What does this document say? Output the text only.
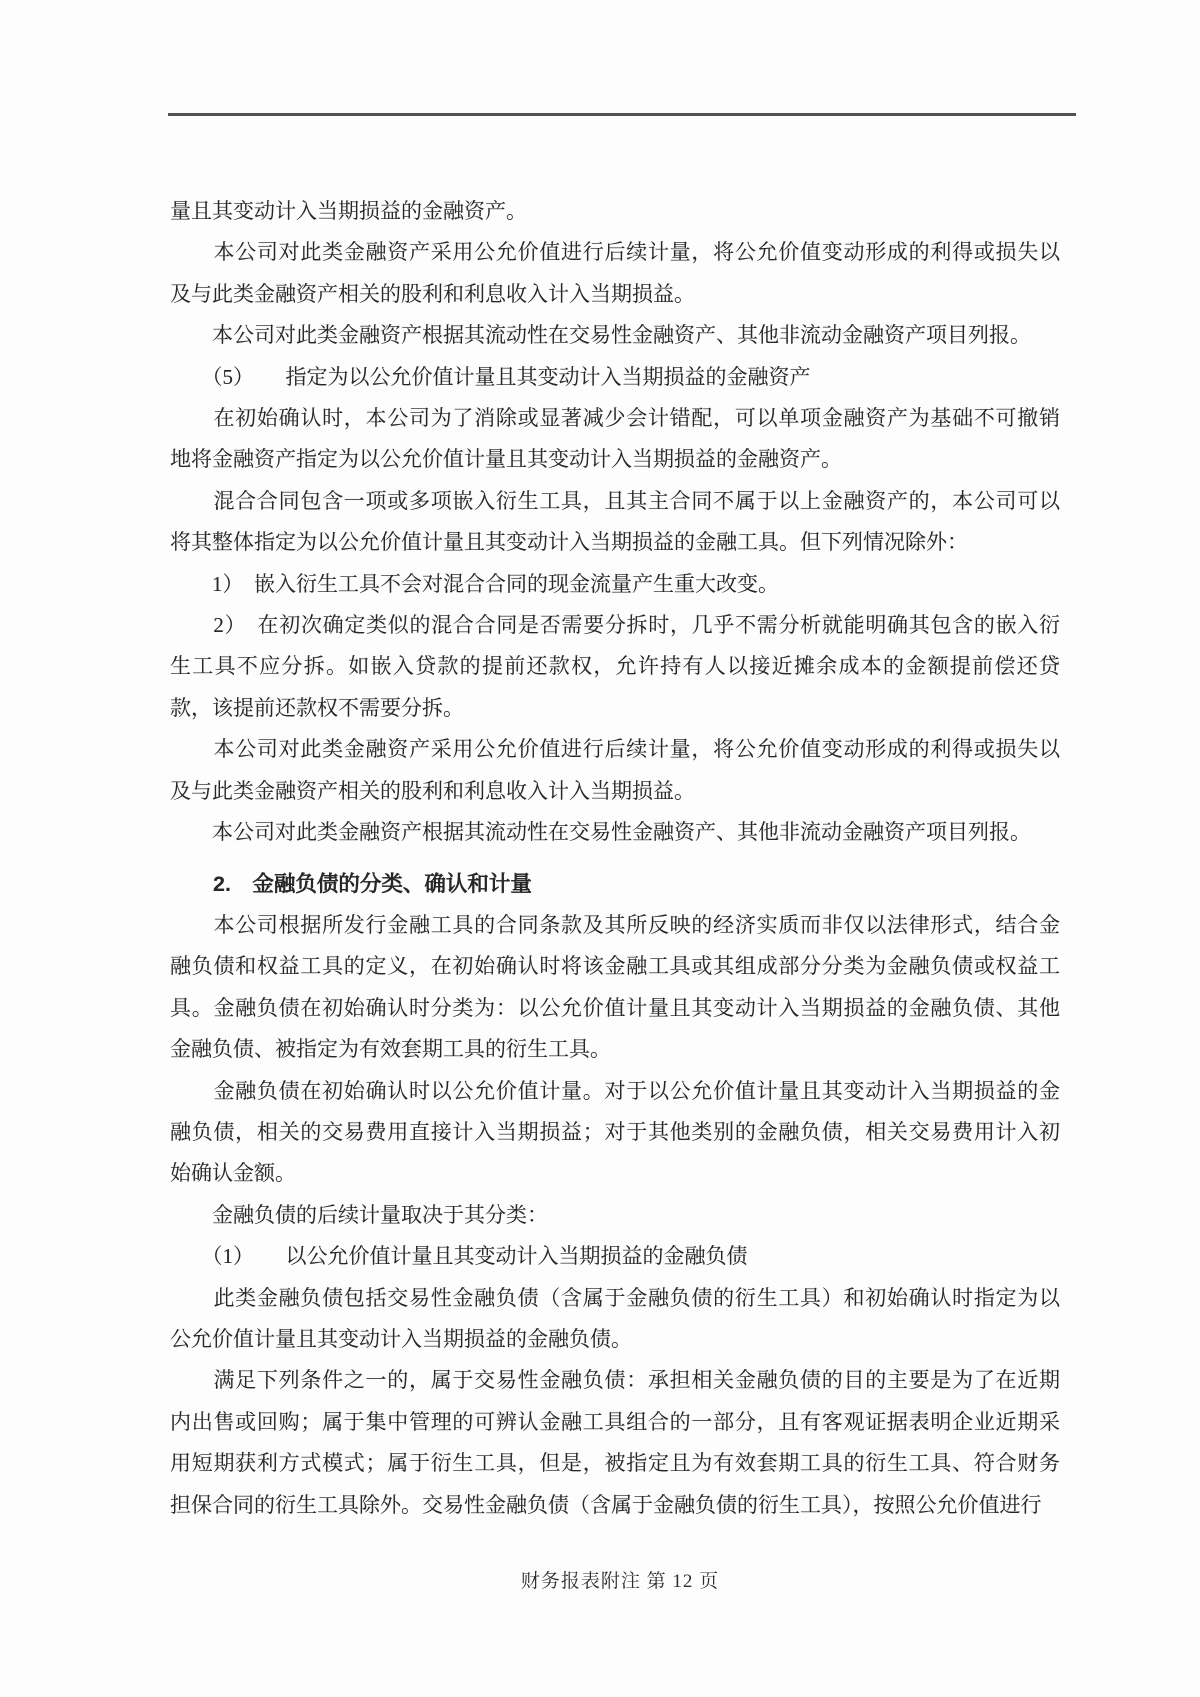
量且其变动计入当期损益的金融资产。

　　本公司对此类金融资产采用公允价值进行后续计量，将公允价值变动形成的利得或损失以
及与此类金融资产相关的股利和利息收入计入当期损益。

　　本公司对此类金融资产根据其流动性在交易性金融资产、其他非流动金融资产项目列报。

　　（5）　　指定为以公允价值计量且其变动计入当期损益的金融资产

　　在初始确认时，本公司为了消除或显著减少会计错配，可以单项金融资产为基础不可撤销
地将金融资产指定为以公允价值计量且其变动计入当期损益的金融资产。

　　混合合同包含一项或多项嵌入衍生工具，且其主合同不属于以上金融资产的，本公司可以
将其整体指定为以公允价值计量且其变动计入当期损益的金融工具。但下列情况除外：

　　1）　嵌入衍生工具不会对混合合同的现金流量产生重大改变。

　　2）　在初次确定类似的混合合同是否需要分拆时，几乎不需分析就能明确其包含的嵌入衍
生工具不应分拆。如嵌入贷款的提前还款权，允许持有人以接近摊余成本的金额提前偿还贷
款，该提前还款权不需要分拆。

　　本公司对此类金融资产采用公允价值进行后续计量，将公允价值变动形成的利得或损失以
及与此类金融资产相关的股利和利息收入计入当期损益。

　　本公司对此类金融资产根据其流动性在交易性金融资产、其他非流动金融资产项目列报。

　　2.　金融负债的分类、确认和计量

　　本公司根据所发行金融工具的合同条款及其所反映的经济实质而非仅以法律形式，结合金
融负债和权益工具的定义，在初始确认时将该金融工具或其组成部分分类为金融负债或权益工
具。金融负债在初始确认时分类为：以公允价值计量且其变动计入当期损益的金融负债、其他
金融负债、被指定为有效套期工具的衍生工具。

　　金融负债在初始确认时以公允价值计量。对于以公允价值计量且其变动计入当期损益的金
融负债，相关的交易费用直接计入当期损益；对于其他类别的金融负债，相关交易费用计入初
始确认金额。

　　金融负债的后续计量取决于其分类：

　　（1）　　以公允价值计量且其变动计入当期损益的金融负债

　　此类金融负债包括交易性金融负债（含属于金融负债的衍生工具）和初始确认时指定为以
公允价值计量且其变动计入当期损益的金融负债。

　　满足下列条件之一的，属于交易性金融负债：承担相关金融负债的目的主要是为了在近期
内出售或回购；属于集中管理的可辨认金融工具组合的一部分，且有客观证据表明企业近期采
用短期获利方式模式；属于衍生工具，但是，被指定且为有效套期工具的衍生工具、符合财务
担保合同的衍生工具除外。交易性金融负债（含属于金融负债的衍生工具），按照公允价值进行

财务报表附注 第 12 页
